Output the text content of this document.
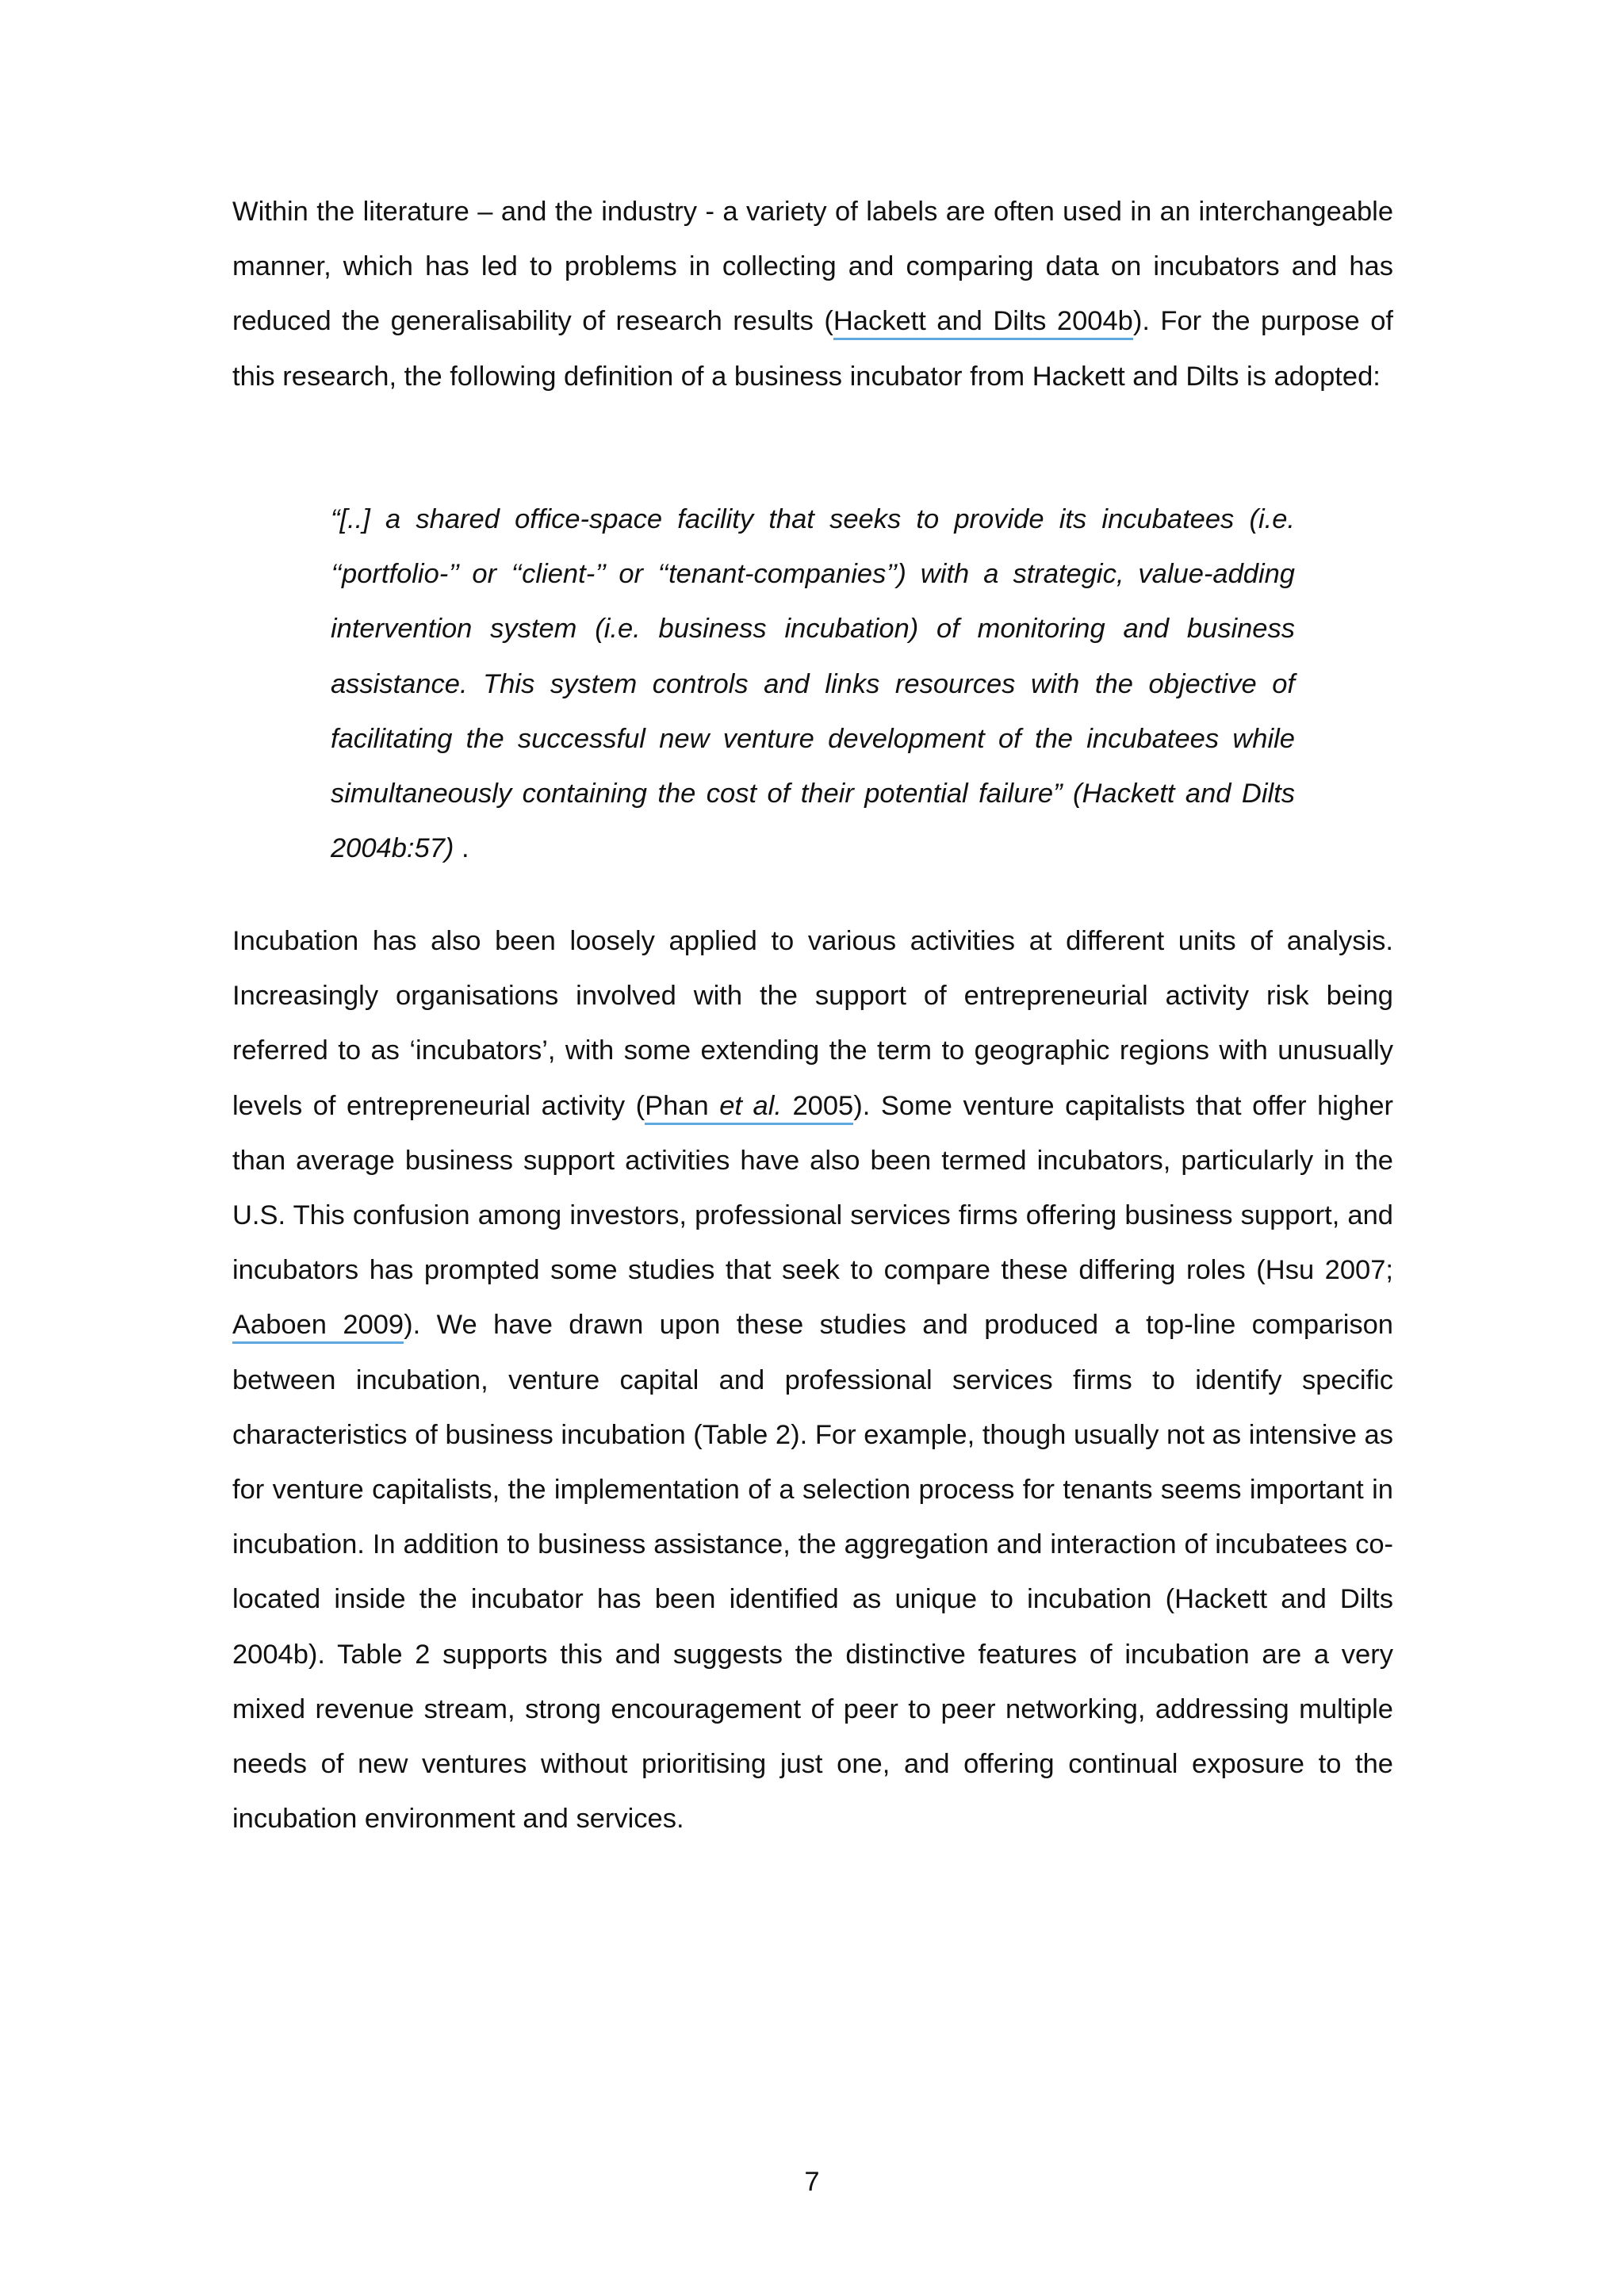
Within the literature – and the industry - a variety of labels are often used in an interchangeable manner, which has led to problems in collecting and comparing data on incubators and has reduced the generalisability of research results (Hackett and Dilts 2004b). For the purpose of this research, the following definition of a business incubator from Hackett and Dilts is adopted:

“[..] a shared office-space facility that seeks to provide its incubatees (i.e. ‘‘portfolio-’’ or ‘‘client-’’ or ‘‘tenant-companies’’) with a strategic, value-adding intervention system (i.e. business incubation) of monitoring and business assistance. This system controls and links resources with the objective of facilitating the successful new venture development of the incubatees while simultaneously containing the cost of their potential failure” (Hackett and Dilts 2004b:57) .

Incubation has also been loosely applied to various activities at different units of analysis. Increasingly organisations involved with the support of entrepreneurial activity risk being referred to as ‘incubators’, with some extending the term to geographic regions with unusually levels of entrepreneurial activity (Phan et al. 2005). Some venture capitalists that offer higher than average business support activities have also been termed incubators, particularly in the U.S. This confusion among investors, professional services firms offering business support, and incubators has prompted some studies that seek to compare these differing roles (Hsu 2007; Aaboen 2009). We have drawn upon these studies and produced a top-line comparison between incubation, venture capital and professional services firms to identify specific characteristics of business incubation (Table 2). For example, though usually not as intensive as for venture capitalists, the implementation of a selection process for tenants seems important in incubation. In addition to business assistance, the aggregation and interaction of incubatees co-located inside the incubator has been identified as unique to incubation (Hackett and Dilts 2004b). Table 2 supports this and suggests the distinctive features of incubation are a very mixed revenue stream, strong encouragement of peer to peer networking, addressing multiple needs of new ventures without prioritising just one, and offering continual exposure to the incubation environment and services.

7
